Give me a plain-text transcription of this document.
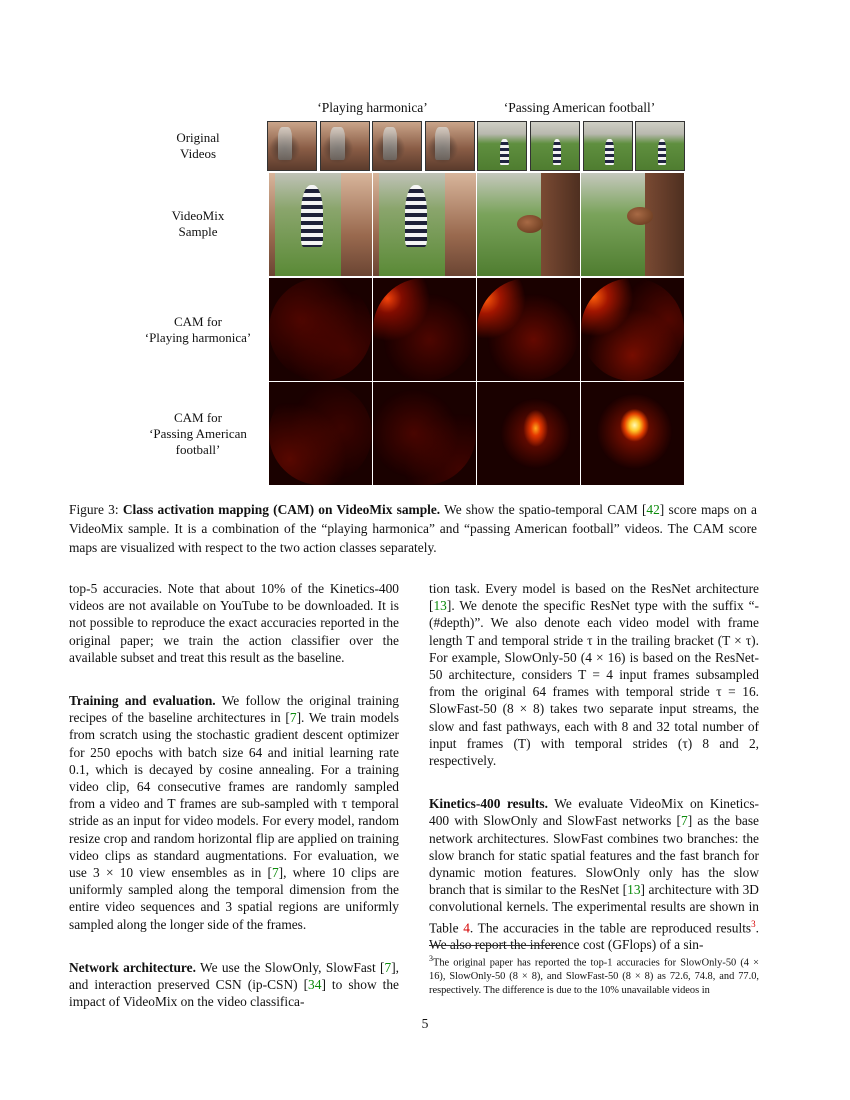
‘Playing harmonica’	‘Passing American football’
Original
Videos
VideoMix
Sample
CAM for
‘Playing harmonica’
CAM for
‘Passing American
football’
Figure 3: Class activation mapping (CAM) on VideoMix sample. We show the spatio-temporal CAM [42] score maps on a VideoMix sample. It is a combination of the “playing harmonica” and “passing American football” videos. The CAM score maps are visualized with respect to the two action classes separately.

top-5 accuracies. Note that about 10% of the Kinetics-400 videos are not available on YouTube to be downloaded. It is not possible to reproduce the exact accuracies reported in the original paper; we train the action classifier over the available subset and treat this result as the baseline.

Training and evaluation. We follow the original training recipes of the baseline architectures in [7]. We train models from scratch using the stochastic gradient descent optimizer for 250 epochs with batch size 64 and initial learning rate 0.1, which is decayed by cosine annealing. For a training video clip, 64 consecutive frames are randomly sampled from a video and T frames are sub-sampled with τ temporal stride as an input for video models. For every model, random resize crop and random horizontal flip are applied on training video clips as standard augmentations. For evaluation, we use 3 × 10 view ensembles as in [7], where 10 clips are uniformly sampled along the temporal dimension from the entire video sequences and 3 spatial regions are uniformly sampled along the longer side of the frames.

Network architecture. We use the SlowOnly, SlowFast [7], and interaction preserved CSN (ip-CSN) [34] to show the impact of VideoMix on the video classifica-

tion task. Every model is based on the ResNet architecture [13]. We denote the specific ResNet type with the suffix “-(#depth)”. We also denote each video model with frame length T and temporal stride τ in the trailing bracket (T × τ). For example, SlowOnly-50 (4 × 16) is based on the ResNet-50 architecture, considers T = 4 input frames subsampled from the original 64 frames with temporal stride τ = 16. SlowFast-50 (8 × 8) takes two separate input streams, the slow and fast pathways, each with 8 and 32 total number of input frames (T) with temporal strides (τ) 8 and 2, respectively.

Kinetics-400 results. We evaluate VideoMix on Kinetics-400 with SlowOnly and SlowFast networks [7] as the base network architectures. SlowFast combines two branches: the slow branch for static spatial features and the fast branch for dynamic motion features. SlowOnly only has the slow branch that is similar to the ResNet [13] architecture with 3D convolutional kernels. The experimental results are shown in Table 4. The accuracies in the table are reproduced results$^3$. We also report the inference cost (GFlops) of a sin-

$^3$The original paper has reported the top-1 accuracies for SlowOnly-50 (4 × 16), SlowOnly-50 (8 × 8), and SlowFast-50 (8 × 8) as 72.6, 74.8, and 77.0, respectively. The difference is due to the 10% unavailable videos in
5
